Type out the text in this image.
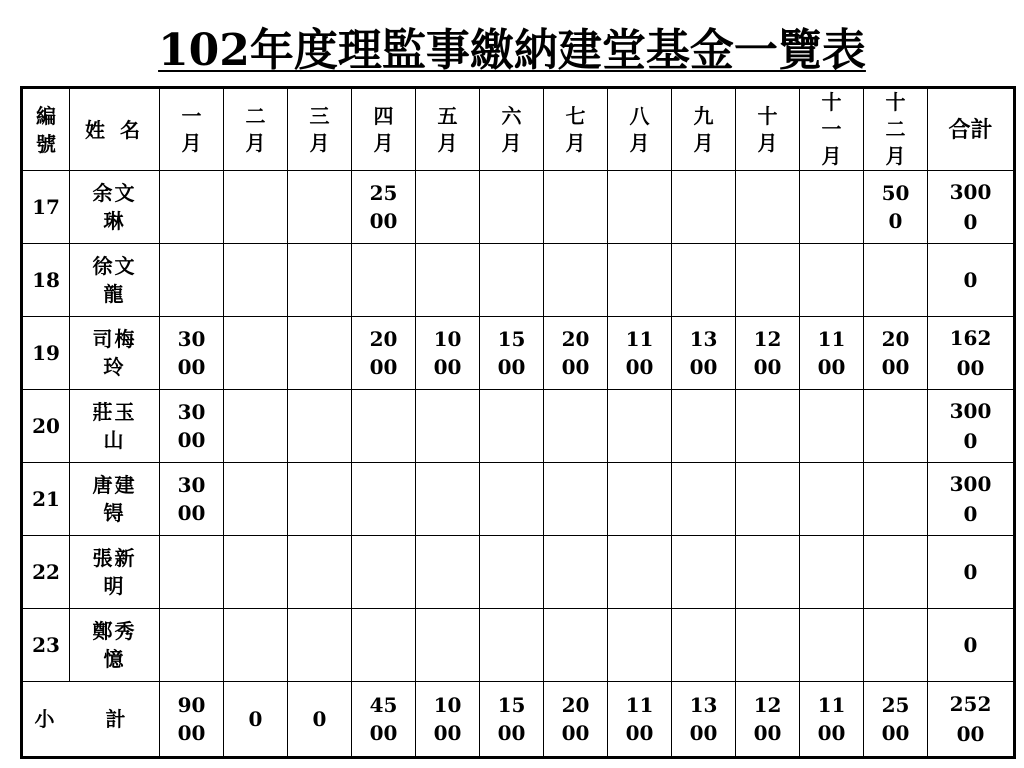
102年度理監事繳納建堂基金一覽表
編號	姓 名	一月	二月	三月	四月	五月	六月	七月	八月	九月	十月	十一月	十二月	合計
17	余文琳				2500								500	3000
18	徐文龍													0
19	司梅玲	3000			2000	1000	1500	2000	1100	1300	1200	1100	2000	16200
20	莊玉山	3000												3000
21	唐建锝	3000												3000
22	張新明													0
23	鄭秀憶													0
小 計		9000	0	0	4500	1000	1500	2000	1100	1300	1200	1100	2500	25200
